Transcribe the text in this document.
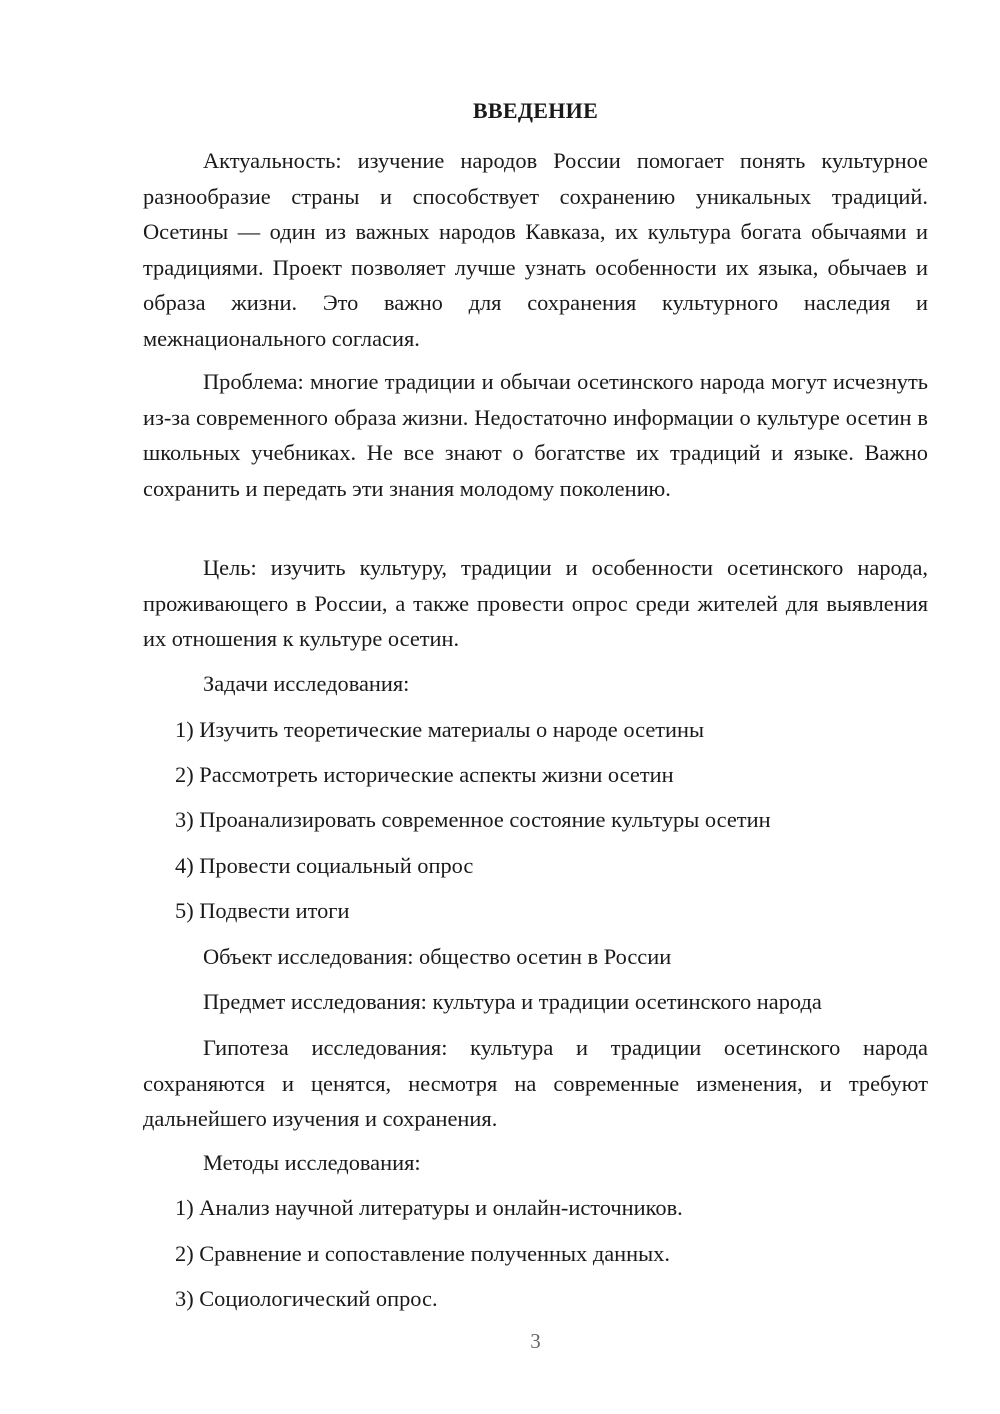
ВВЕДЕНИЕ

Актуальность: изучение народов России помогает понять культурное разнообразие страны и способствует сохранению уникальных традиций. Осетины — один из важных народов Кавказа, их культура богата обычаями и традициями. Проект позволяет лучше узнать особенности их языка, обычаев и образа жизни. Это важно для сохранения культурного наследия и межнационального согласия.

Проблема: многие традиции и обычаи осетинского народа могут исчезнуть из-за современного образа жизни. Недостаточно информации о культуре осетин в школьных учебниках. Не все знают о богатстве их традиций и языке. Важно сохранить и передать эти знания молодому поколению.

Цель: изучить культуру, традиции и особенности осетинского народа, проживающего в России, а также провести опрос среди жителей для выявления их отношения к культуре осетин.

Задачи исследования:

1) Изучить теоретические материалы о народе осетины

2) Рассмотреть исторические аспекты жизни осетин

3) Проанализировать современное состояние культуры осетин

4) Провести социальный опрос

5) Подвести итоги

Объект исследования: общество осетин в России

Предмет исследования: культура и традиции осетинского народа

Гипотеза исследования: культура и традиции осетинского народа сохраняются и ценятся, несмотря на современные изменения, и требуют дальнейшего изучения и сохранения.

Методы исследования:

1) Анализ научной литературы и онлайн-источников.

2) Сравнение и сопоставление полученных данных.

3) Социологический опрос.

3
